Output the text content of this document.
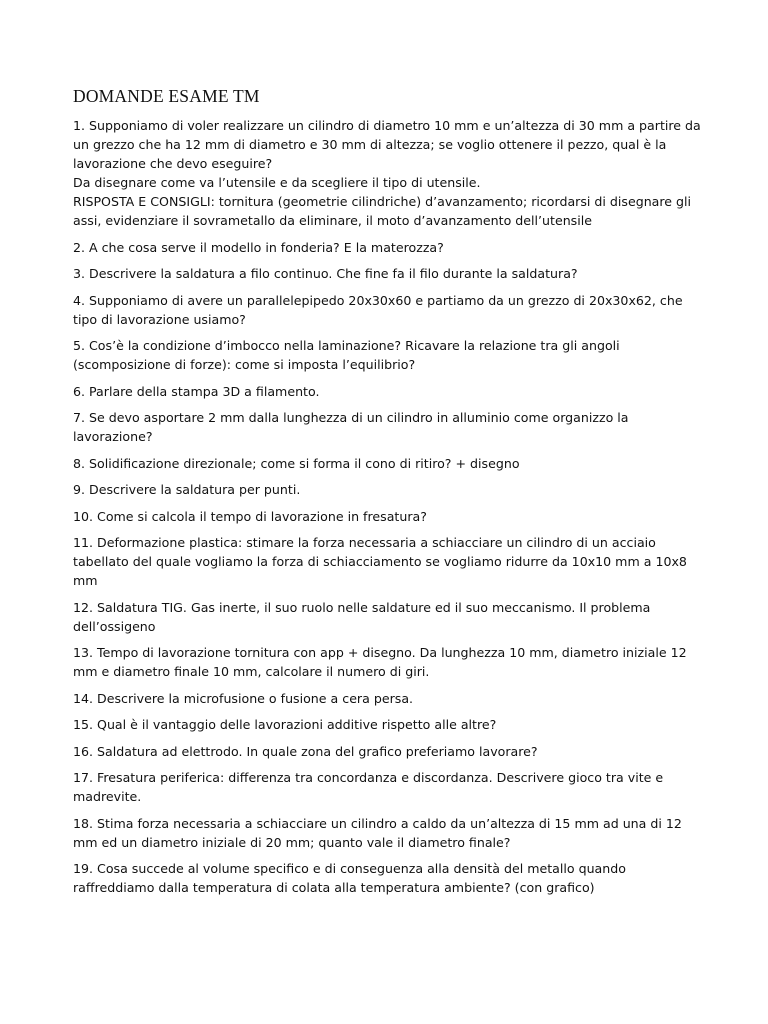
DOMANDE ESAME TM

1. Supponiamo di voler realizzare un cilindro di diametro 10 mm e un’altezza di 30 mm a partire da
un grezzo che ha 12 mm di diametro e 30 mm di altezza; se voglio ottenere il pezzo, qual è la
lavorazione che devo eseguire?
Da disegnare come va l’utensile e da scegliere il tipo di utensile.
RISPOSTA E CONSIGLI: tornitura (geometrie cilindriche) d’avanzamento; ricordarsi di disegnare gli
assi, evidenziare il sovrametallo da eliminare, il moto d’avanzamento dell’utensile

2. A che cosa serve il modello in fonderia? E la materozza?

3. Descrivere la saldatura a filo continuo. Che fine fa il filo durante la saldatura?

4. Supponiamo di avere un parallelepipedo 20x30x60 e partiamo da un grezzo di 20x30x62, che
tipo di lavorazione usiamo?

5. Cos’è la condizione d’imbocco nella laminazione? Ricavare la relazione tra gli angoli
(scomposizione di forze): come si imposta l’equilibrio?

6. Parlare della stampa 3D a filamento.

7. Se devo asportare 2 mm dalla lunghezza di un cilindro in alluminio come organizzo la
lavorazione?

8. Solidificazione direzionale; come si forma il cono di ritiro? + disegno

9. Descrivere la saldatura per punti.

10. Come si calcola il tempo di lavorazione in fresatura?

11. Deformazione plastica: stimare la forza necessaria a schiacciare un cilindro di un acciaio
tabellato del quale vogliamo la forza di schiacciamento se vogliamo ridurre da 10x10 mm a 10x8
mm

12. Saldatura TIG. Gas inerte, il suo ruolo nelle saldature ed il suo meccanismo. Il problema
dell’ossigeno

13. Tempo di lavorazione tornitura con app + disegno. Da lunghezza 10 mm, diametro iniziale 12
mm e diametro finale 10 mm, calcolare il numero di giri.

14. Descrivere la microfusione o fusione a cera persa.

15. Qual è il vantaggio delle lavorazioni additive rispetto alle altre?

16. Saldatura ad elettrodo. In quale zona del grafico preferiamo lavorare?

17. Fresatura periferica: differenza tra concordanza e discordanza. Descrivere gioco tra vite e
madrevite.

18. Stima forza necessaria a schiacciare un cilindro a caldo da un’altezza di 15 mm ad una di 12
mm ed un diametro iniziale di 20 mm; quanto vale il diametro finale?

19. Cosa succede al volume specifico e di conseguenza alla densità del metallo quando
raffreddiamo dalla temperatura di colata alla temperatura ambiente? (con grafico)
